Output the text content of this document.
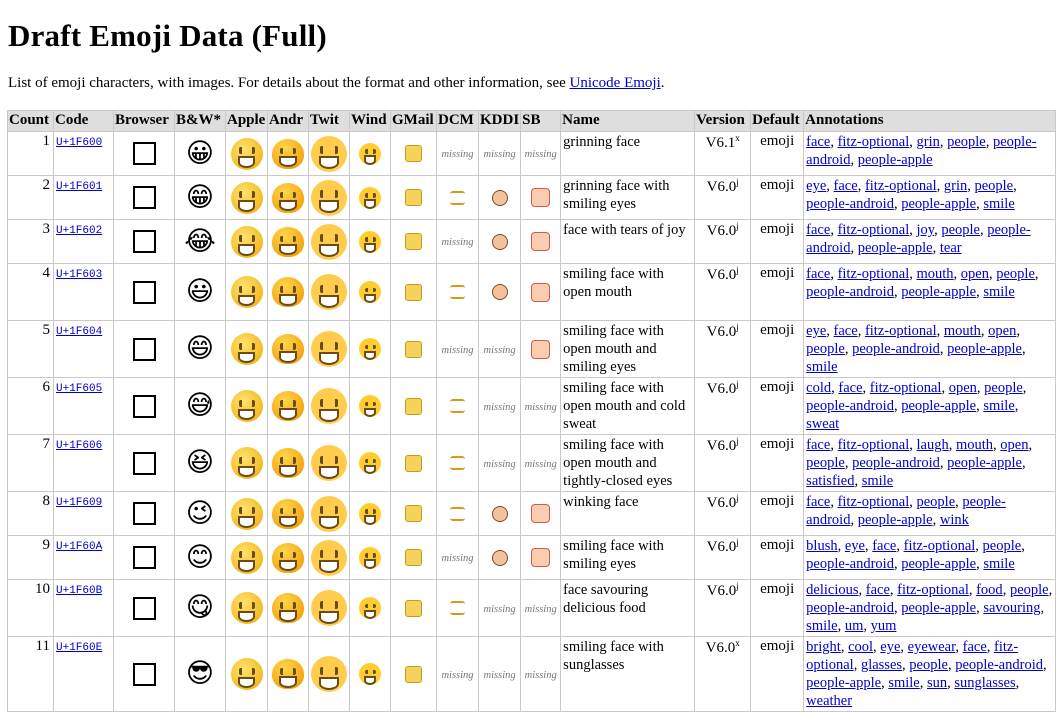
Draft Emoji Data (Full)
List of emoji characters, with images. For details about the format and other information, see Unicode Emoji.
Count	Code	Browser	B&W*	Apple	Andr	Twit	Wind	GMail	DCM	KDDI	SB	Name	Version	Default	Annotations
1	U+1F600		😀						missing	missing	missing	grinning face	V6.1$^x$	emoji	face, fitz-optional, grin, people, people-android, people-apple
2	U+1F601		😁									grinning face with smiling eyes	V6.0$^j$	emoji	eye, face, fitz-optional, grin, people, people-android, people-apple, smile
3	U+1F602		😂						missing			face with tears of joy	V6.0$^j$	emoji	face, fitz-optional, joy, people, people-android, people-apple, tear
4	U+1F603		😃									smiling face with open mouth	V6.0$^j$	emoji	face, fitz-optional, mouth, open, people, people-android, people-apple, smile
5	U+1F604		😄						missing	missing		smiling face with open mouth and smiling eyes	V6.0$^j$	emoji	eye, face, fitz-optional, mouth, open, people, people-android, people-apple, smile
6	U+1F605		😅							missing	missing	smiling face with open mouth and cold sweat	V6.0$^j$	emoji	cold, face, fitz-optional, open, people, people-android, people-apple, smile, sweat
7	U+1F606		😆							missing	missing	smiling face with open mouth and tightly-closed eyes	V6.0$^j$	emoji	face, fitz-optional, laugh, mouth, open, people, people-android, people-apple, satisfied, smile
8	U+1F609		😉									winking face	V6.0$^j$	emoji	face, fitz-optional, people, people-android, people-apple, wink
9	U+1F60A		😊						missing			smiling face with smiling eyes	V6.0$^j$	emoji	blush, eye, face, fitz-optional, people, people-android, people-apple, smile
10	U+1F60B		😋							missing	missing	face savouring delicious food	V6.0$^j$	emoji	delicious, face, fitz-optional, food, people, people-android, people-apple, savouring, smile, um, yum
11	U+1F60E		😎						missing	missing	missing	smiling face with sunglasses	V6.0$^x$	emoji	bright, cool, eye, eyewear, face, fitz-optional, glasses, people, people-android, people-apple, smile, sun, sunglasses, weather
